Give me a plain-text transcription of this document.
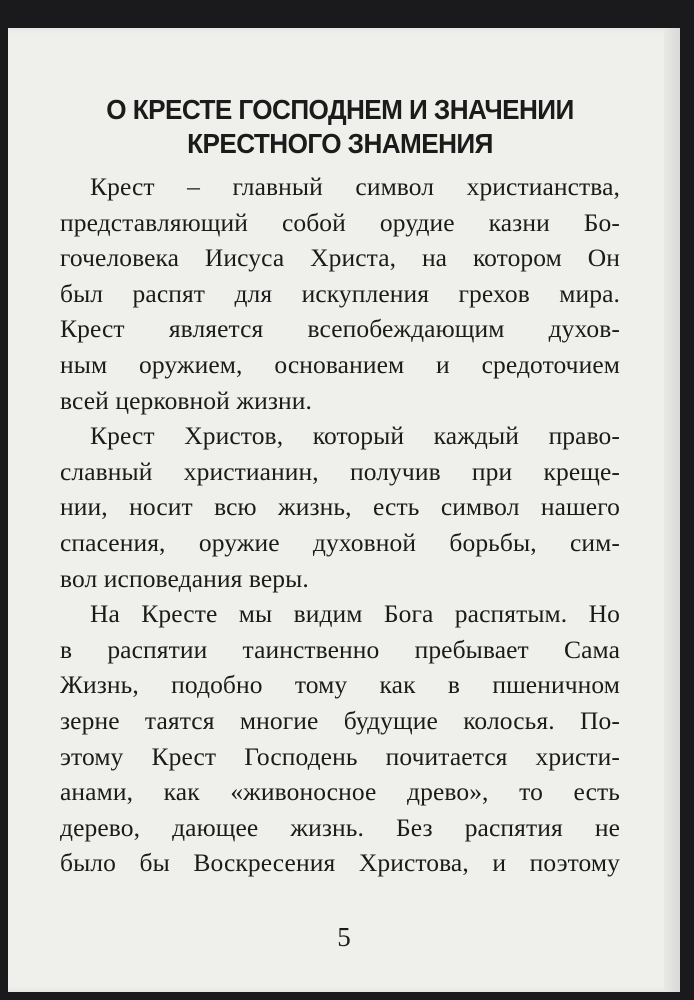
О КРЕСТЕ ГОСПОДНЕМ И ЗНАЧЕНИИ
КРЕСТНОГО ЗНАМЕНИЯ
Крест – главный символ христианства,
представляющий собой орудие казни Бо-
гочеловека Иисуса Христа, на котором Он
был распят для искупления грехов мира.
Крест является всепобеждающим духов-
ным оружием, основанием и средоточием
всей церковной жизни.
Крест Христов, который каждый право-
славный христианин, получив при креще-
нии, носит всю жизнь, есть символ нашего
спасения, оружие духовной борьбы, сим-
вол исповедания веры.
На Кресте мы видим Бога распятым. Но
в распятии таинственно пребывает Сама
Жизнь, подобно тому как в пшеничном
зерне таятся многие будущие колосья. По-
этому Крест Господень почитается христи-
анами, как «живоносное древо», то есть
дерево, дающее жизнь. Без распятия не
было бы Воскресения Христова, и поэтому
5
